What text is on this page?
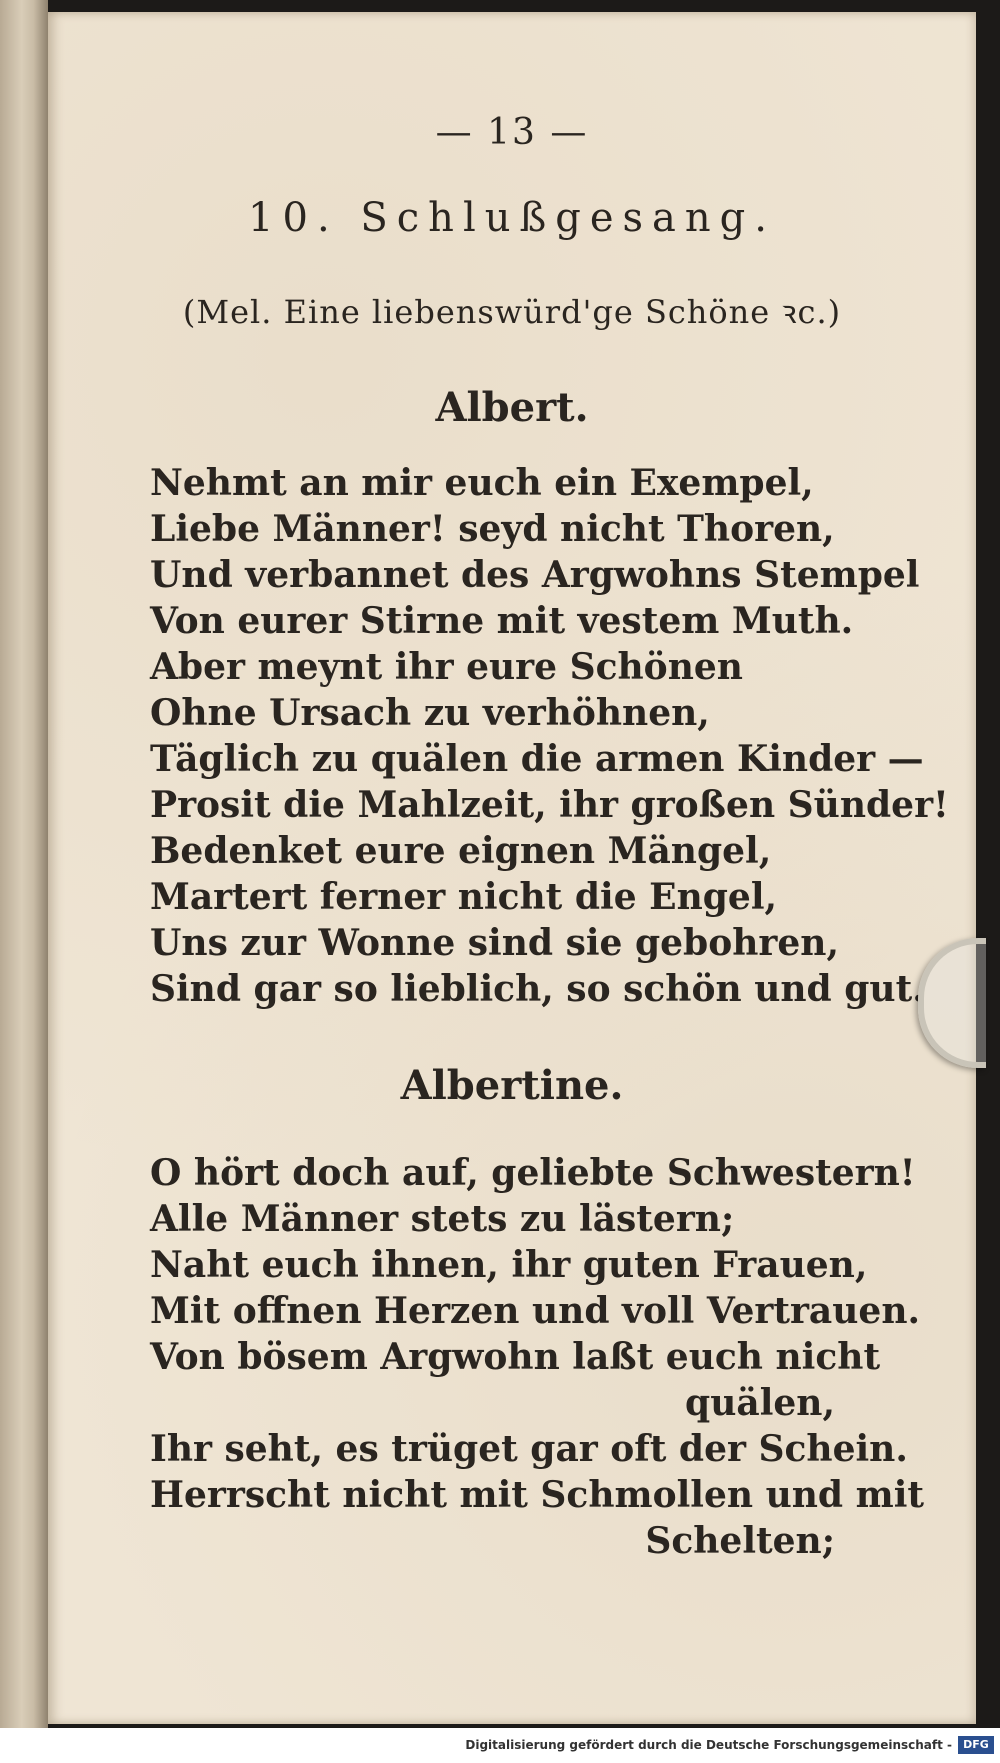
— 13 —
10. Schlußgesang.
(Mel. Eine liebenswürd'ge Schöne ꝛc.)
Albert.
Nehmt an mir euch ein Exempel,
Liebe Männer! seyd nicht Thoren,
Und verbannet des Argwohns Stempel
Von eurer Stirne mit vestem Muth.
Aber meynt ihr eure Schönen
Ohne Ursach zu verhöhnen,
Täglich zu quälen die armen Kinder —
Prosit die Mahlzeit, ihr großen Sünder!
Bedenket eure eignen Mängel,
Martert ferner nicht die Engel,
Uns zur Wonne sind sie gebohren,
Sind gar so lieblich, so schön und gut.
Albertine.
O hört doch auf, geliebte Schwestern!
Alle Männer stets zu lästern;
Naht euch ihnen, ihr guten Frauen,
Mit offnen Herzen und voll Vertrauen.
Von bösem Argwohn laßt euch nicht
quälen,
Ihr seht, es trüget gar oft der Schein.
Herrscht nicht mit Schmollen und mit
Schelten;
Digitalisierung gefördert durch die Deutsche Forschungsgemeinschaft -	DFG
